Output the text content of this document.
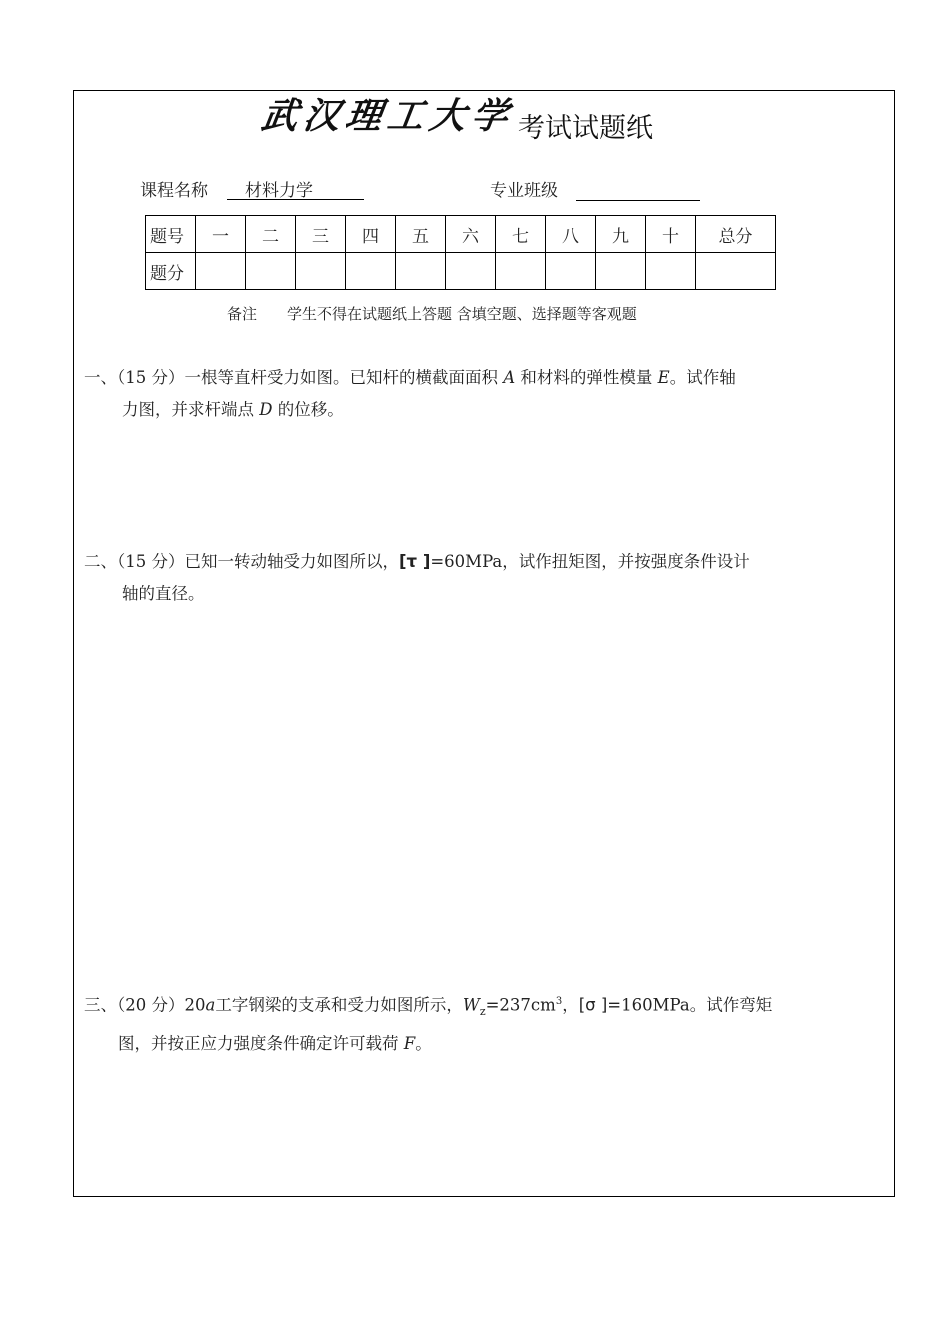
武汉理工大学考试试题纸
课程名称	材料力学	专业班级
题号	一	二	三	四	五	六	七	八	九	十	总分
题分											
备注 学生不得在试题纸上答题 含填空题、选择题等客观题
一、（15 分）一根等直杆受力如图。已知杆的横截面面积 A 和材料的弹性模量 E。试作轴
力图，并求杆端点 D 的位移。
二、（15 分）已知一转动轴受力如图所以，[τ ]=60MPa，试作扭矩图，并按强度条件设计
轴的直径。
三、（20 分）20a工字钢梁的支承和受力如图所示，$W_z=237cm^3$，[σ ]=160MPa。试作弯矩
图，并按正应力强度条件确定许可载荷 F。
